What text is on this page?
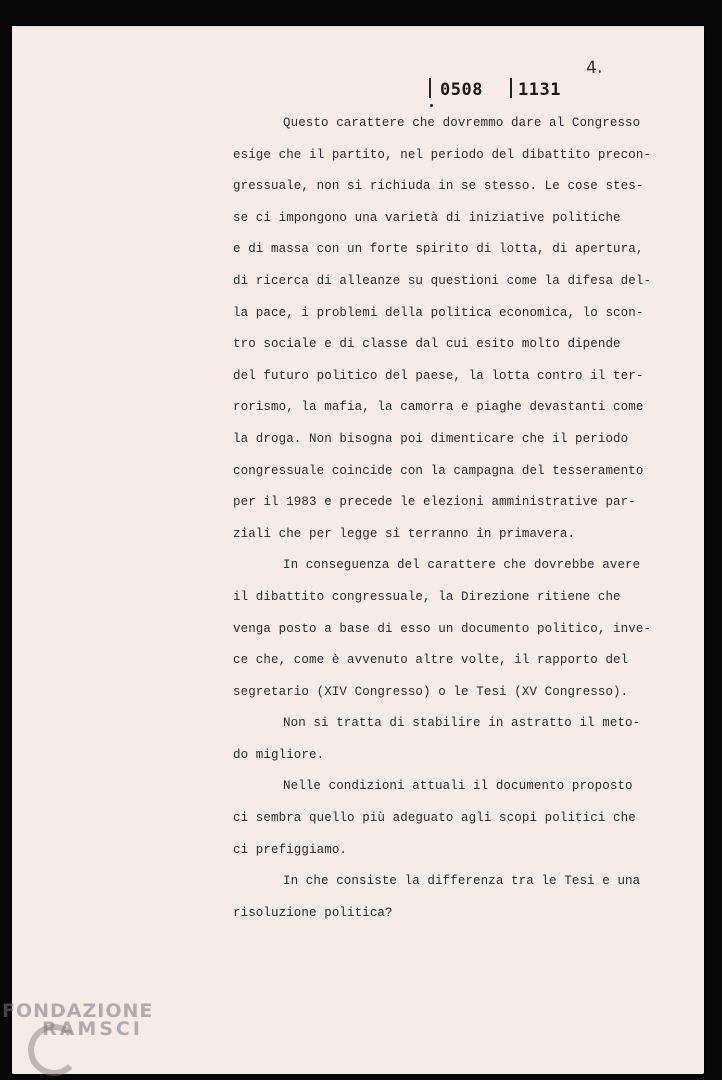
0508 1131
4.
Questo carattere che dovremmo dare al Congresso
esige che il partito, nel periodo del dibattito precon-
gressuale, non si richiuda in se stesso. Le cose stes-
se ci impongono una varietà di iniziative politiche
e di massa con un forte spirito di lotta, di apertura,
di ricerca di alleanze su questioni come la difesa del-
la pace, i problemi della politica economica, lo scon-
tro sociale e di classe dal cui esito molto dipende
del futuro politico del paese, la lotta contro il ter-
rorismo, la mafia, la camorra e piaghe devastanti come
la droga. Non bisogna poi dimenticare che il periodo
congressuale coincide con la campagna del tesseramento
per il 1983 e precede le elezioni amministrative par-
ziali che per legge si terranno in primavera.
In conseguenza del carattere che dovrebbe avere
il dibattito congressuale, la Direzione ritiene che
venga posto a base di esso un documento politico, inve-
ce che, come è avvenuto altre volte, il rapporto del
segretario (XIV Congresso) o le Tesi (XV Congresso).
Non si tratta di stabilire in astratto il meto-
do migliore.
Nelle condizioni attuali il documento proposto
ci sembra quello più adeguato agli scopi politici che
ci prefiggiamo.
In che consiste la differenza tra le Tesi e una
risoluzione politica?
FONDAZIONE
RAMSCI
